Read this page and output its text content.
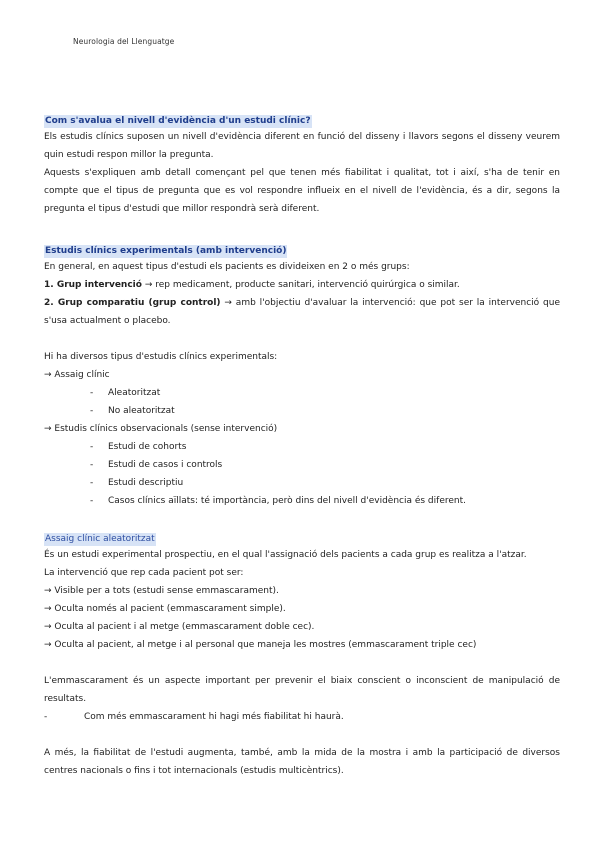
Neurologia del Llenguatge
Com s'avalua el nivell d'evidència d'un estudi clínic?

Els estudis clínics suposen un nivell d'evidència diferent en funció del disseny i llavors segons el disseny veurem quin estudi respon millor la pregunta.

Aquests s'expliquen amb detall començant pel que tenen més fiabilitat i qualitat, tot i així, s'ha de tenir en compte que el tipus de pregunta que es vol respondre influeix en el nivell de l'evidència, és a dir, segons la pregunta el tipus d'estudi que millor respondrà serà diferent.

Estudis clínics experimentals (amb intervenció)

En general, en aquest tipus d'estudi els pacients es divideixen en 2 o més grups:

1. Grup intervenció → rep medicament, producte sanitari, intervenció quirúrgica o similar.

2. Grup comparatiu (grup control) → amb l'objectiu d'avaluar la intervenció: que pot ser la intervenció que s'usa actualment o placebo.

Hi ha diversos tipus d'estudis clínics experimentals:

→ Assaig clínic

- Aleatoritzat

- No aleatoritzat

→ Estudis clínics observacionals (sense intervenció)

- Estudi de cohorts

- Estudi de casos i controls

- Estudi descriptiu

- Casos clínics aïllats: té importància, però dins del nivell d'evidència és diferent.

Assaig clínic aleatoritzat

És un estudi experimental prospectiu, en el qual l'assignació dels pacients a cada grup es realitza a l'atzar.

La intervenció que rep cada pacient pot ser:

→ Visible per a tots (estudi sense emmascarament).

→ Oculta només al pacient (emmascarament simple).

→ Oculta al pacient i al metge (emmascarament doble cec).

→ Oculta al pacient, al metge i al personal que maneja les mostres (emmascarament triple cec)

L'emmascarament és un aspecte important per prevenir el biaix conscient o inconscient de manipulació de resultats.

-	Com més emmascarament hi hagi més fiabilitat hi haurà.

A més, la fiabilitat de l'estudi augmenta, també, amb la mida de la mostra i amb la participació de diversos centres nacionals o fins i tot internacionals (estudis multicèntrics).
